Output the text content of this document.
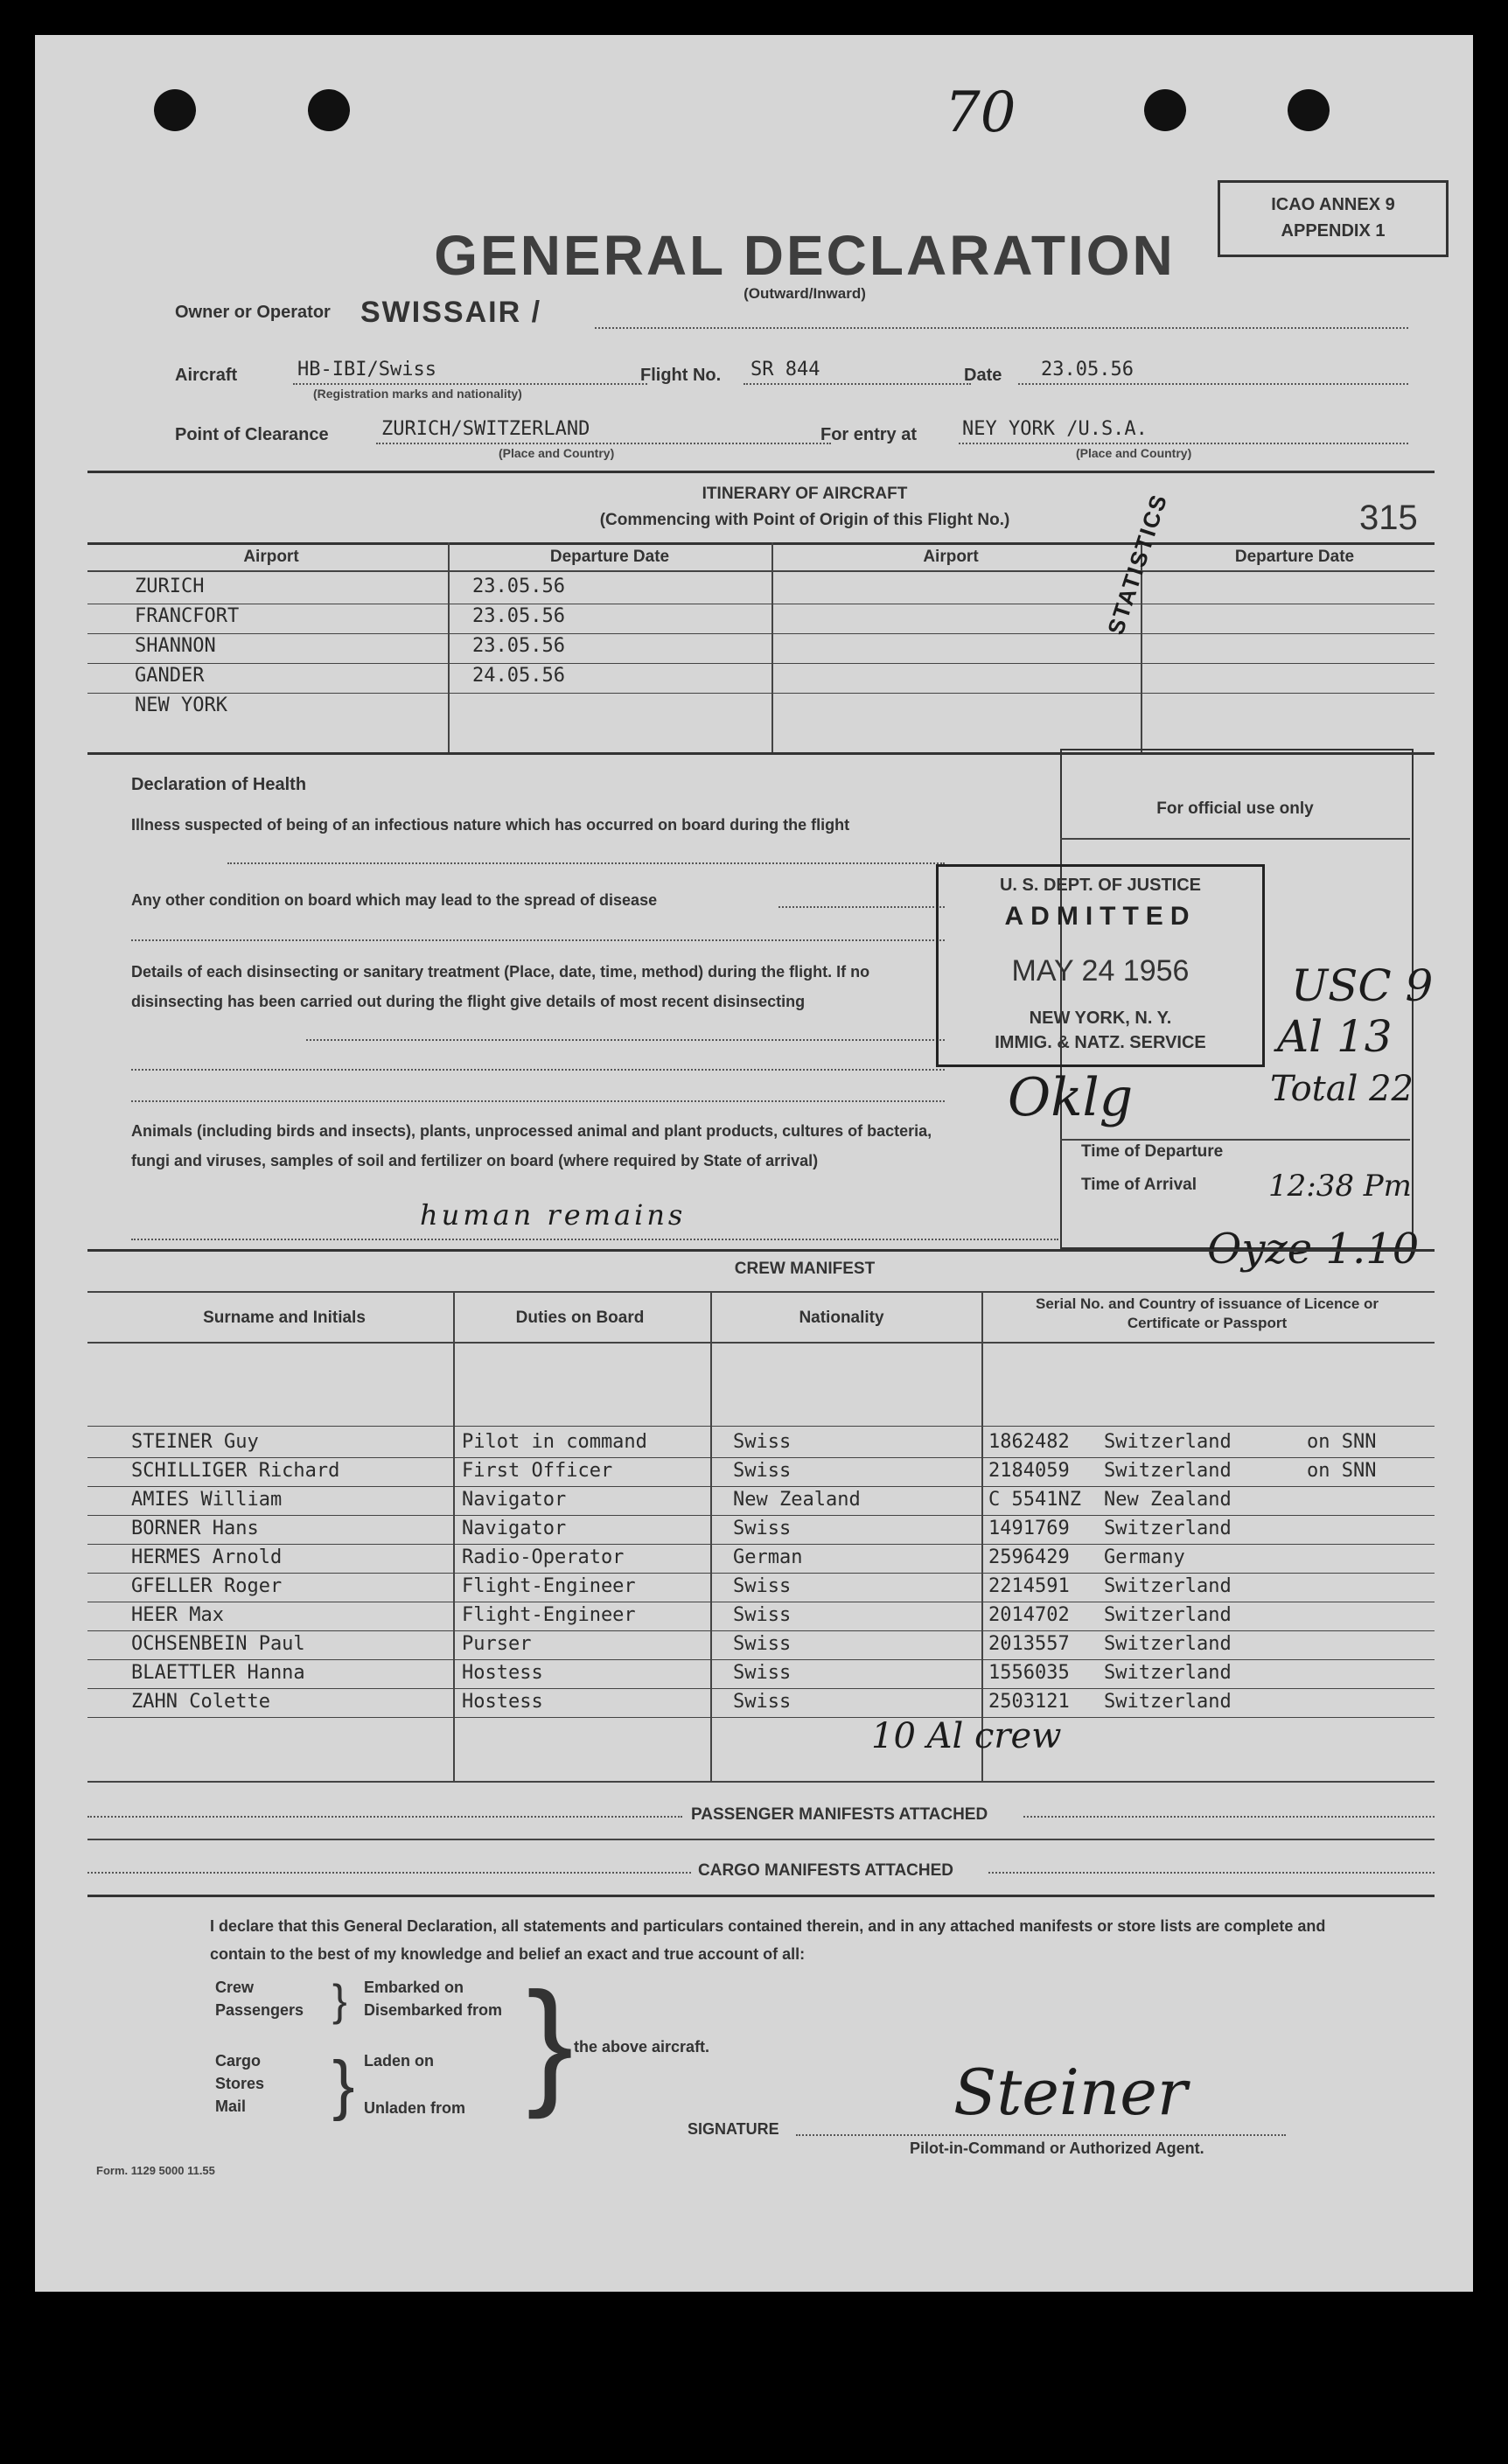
70
GENERAL DECLARATION
(Outward/Inward)
ICAO ANNEX 9
APPENDIX 1
Owner or Operator SWISSAIR /
Aircraft	HB-IBI/Swiss
(Registration marks and nationality)
Flight No. SR 844	Date 23.05.56
Point of Clearance	ZURICH/SWITZERLAND
(Place and Country)
For entry at NEY YORK /U.S.A.
(Place and Country)
ITINERARY OF AIRCRAFT
(Commencing with Point of Origin of this Flight No.)	315
Airport	Departure Date	Airport	Departure Date
ZURICH	23.05.56
FRANCFORT	23.05.56
SHANNON	23.05.56
GANDER	24.05.56
NEW YORK
STATISTICS
Declaration of Health
Illness suspected of being of an infectious nature which has occurred on board during the flight
Any other condition on board which may lead to the spread of disease
Details of each disinsecting or sanitary treatment (Place, date, time, method) during the flight. If no disinsecting has been carried out during the flight give details of most recent disinsecting
Animals (including birds and insects), plants, unprocessed animal and plant products, cultures of bacteria, fungi and viruses, samples of soil and fertilizer on board (where required by State of arrival)
human remains
For official use only
Time of Departure
Time of Arrival 12:38 Pm
U. S. DEPT. OF JUSTICE
ADMITTED
MAY 24 1956
NEW YORK, N. Y.
IMMIG. & NATZ. SERVICE
USC 9
Al 13
Total 22
Oklg
Oyze 1.10
CREW MANIFEST
Surname and Initials	Duties on Board	Nationality
Serial No. and Country of issuance of Licence or Certificate or Passport
STEINER Guy	Pilot in command	Swiss	1862482 Switzerland	on SNN
SCHILLIGER Richard	First Officer	Swiss	2184059 Switzerland	on SNN
AMIES William	Navigator	New Zealand	C 5541NZ New Zealand
BORNER Hans	Navigator	Swiss	1491769 Switzerland
HERMES Arnold	Radio-Operator	German	2596429 Germany
GFELLER Roger	Flight-Engineer	Swiss	2214591 Switzerland
HEER Max	Flight-Engineer	Swiss	2014702 Switzerland
OCHSENBEIN Paul	Purser	Swiss	2013557 Switzerland
BLAETTLER Hanna	Hostess	Swiss	1556035 Switzerland
ZAHN Colette	Hostess	Swiss	2503121 Switzerland
10 Al crew
PASSENGER MANIFESTS ATTACHED
CARGO MANIFESTS ATTACHED
I declare that this General Declaration, all statements and particulars contained therein, and in any attached manifests or store lists are complete and contain to the best of my knowledge and belief an exact and true account of all:
Crew
Passengers } Embarked on
Disembarked from
Cargo
Stores
Mail } Laden on
Unladen from } the above aircraft.
SIGNATURE	Steiner
Pilot-in-Command or Authorized Agent.
Form. 1129 5000 11.55
